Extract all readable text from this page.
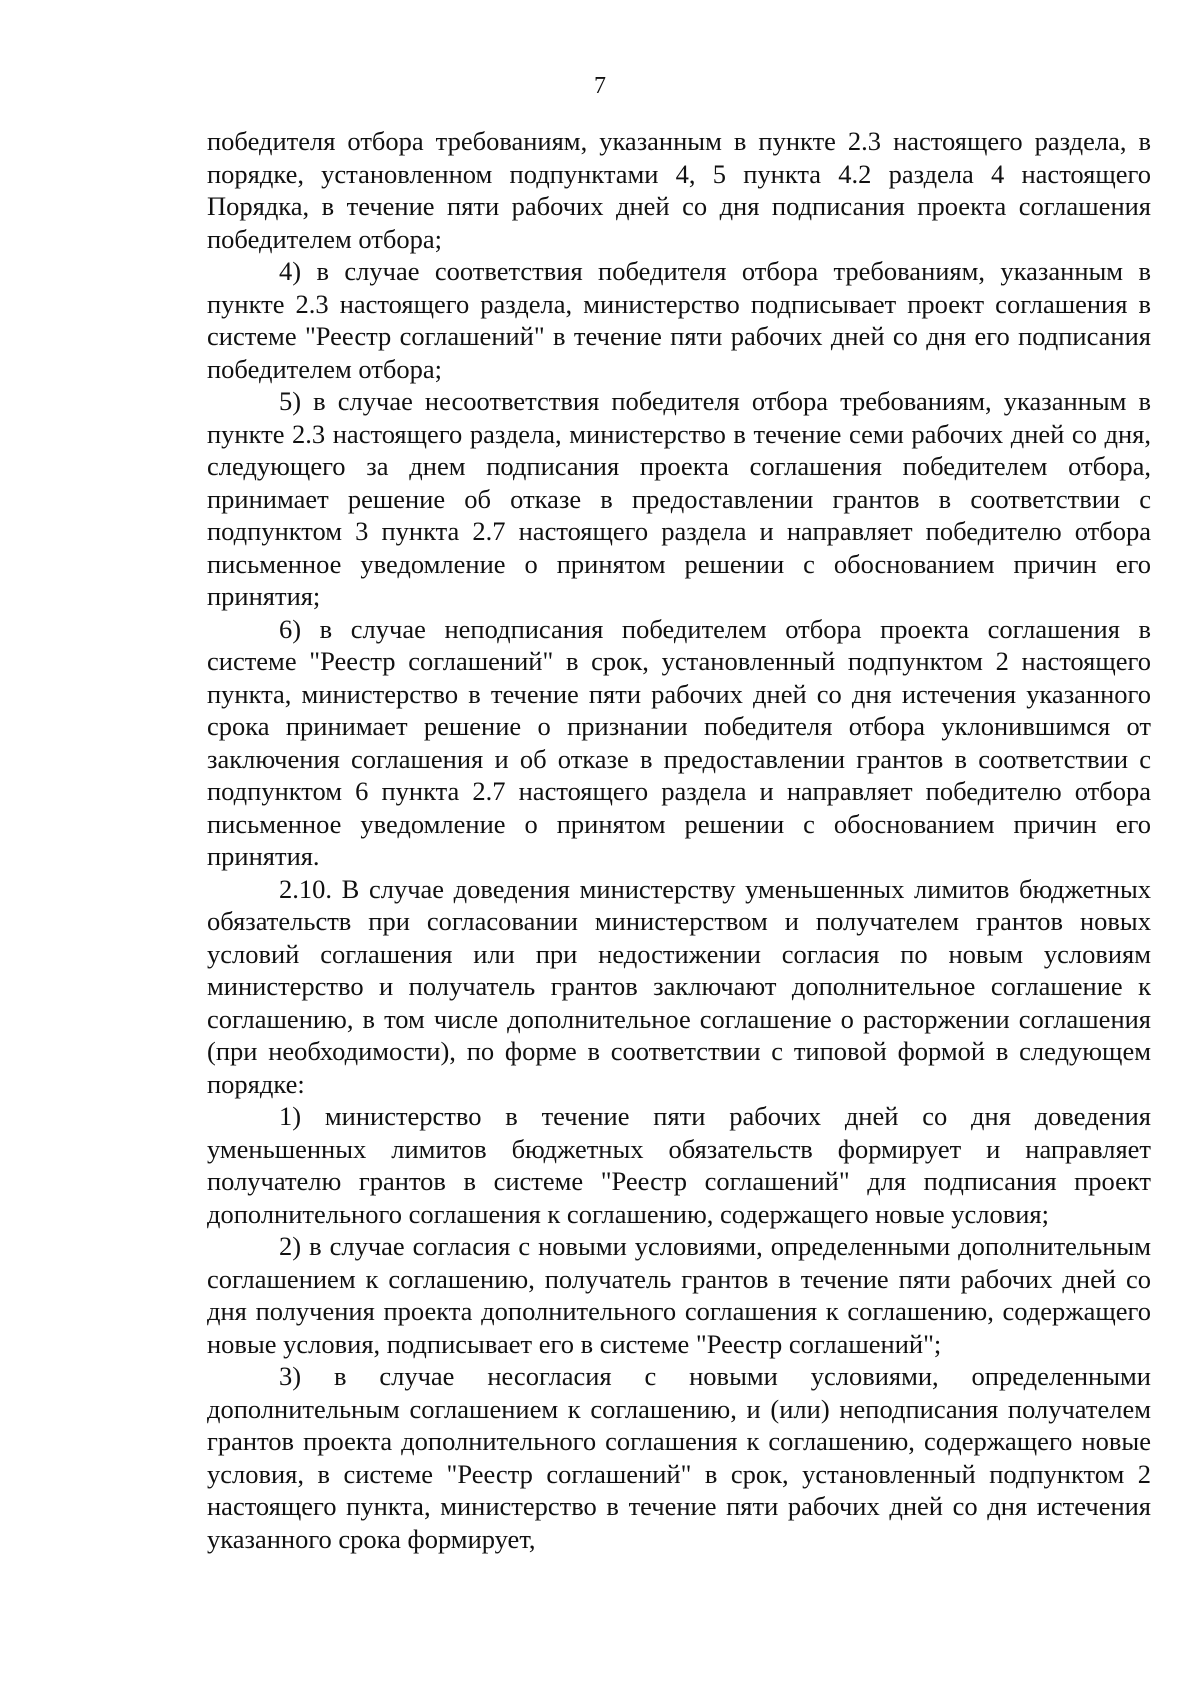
7

победителя отбора требованиям, указанным в пункте 2.3 настоящего раздела, в порядке, установленном подпунктами 4, 5 пункта 4.2 раздела 4 настоящего Порядка, в течение пяти рабочих дней со дня подписания проекта соглашения победителем отбора;

4) в случае соответствия победителя отбора требованиям, указанным в пункте 2.3 настоящего раздела, министерство подписывает проект соглашения в системе "Реестр соглашений" в течение пяти рабочих дней со дня его подписания победителем отбора;

5) в случае несоответствия победителя отбора требованиям, указанным в пункте 2.3 настоящего раздела, министерство в течение семи рабочих дней со дня, следующего за днем подписания проекта соглашения победителем отбора, принимает решение об отказе в предоставлении грантов в соответствии с подпунктом 3 пункта 2.7 настоящего раздела и направляет победителю отбора письменное уведомление о принятом решении с обоснованием причин его принятия;

6) в случае неподписания победителем отбора проекта соглашения в системе "Реестр соглашений" в срок, установленный подпунктом 2 настоящего пункта, министерство в течение пяти рабочих дней со дня истечения указанного срока принимает решение о признании победителя отбора уклонившимся от заключения соглашения и об отказе в предоставлении грантов в соответствии с подпунктом 6 пункта 2.7 настоящего раздела и направляет победителю отбора письменное уведомление о принятом решении с обоснованием причин его принятия.

2.10. В случае доведения министерству уменьшенных лимитов бюджетных обязательств при согласовании министерством и получателем грантов новых условий соглашения или при недостижении согласия по новым условиям министерство и получатель грантов заключают дополнительное соглашение к соглашению, в том числе дополнительное соглашение о расторжении соглашения (при необходимости), по форме в соответствии с типовой формой в следующем порядке:

1) министерство в течение пяти рабочих дней со дня доведения уменьшенных лимитов бюджетных обязательств формирует и направляет получателю грантов в системе "Реестр соглашений" для подписания проект дополнительного соглашения к соглашению, содержащего новые условия;

2) в случае согласия с новыми условиями, определенными дополнительным соглашением к соглашению, получатель грантов в течение пяти рабочих дней со дня получения проекта дополнительного соглашения к соглашению, содержащего новые условия, подписывает его в системе "Реестр соглашений";

3) в случае несогласия с новыми условиями, определенными дополнительным соглашением к соглашению, и (или) неподписания получателем грантов проекта дополнительного соглашения к соглашению, содержащего новые условия, в системе "Реестр соглашений" в срок, установленный подпунктом 2 настоящего пункта, министерство в течение пяти рабочих дней со дня истечения указанного срока формирует,
